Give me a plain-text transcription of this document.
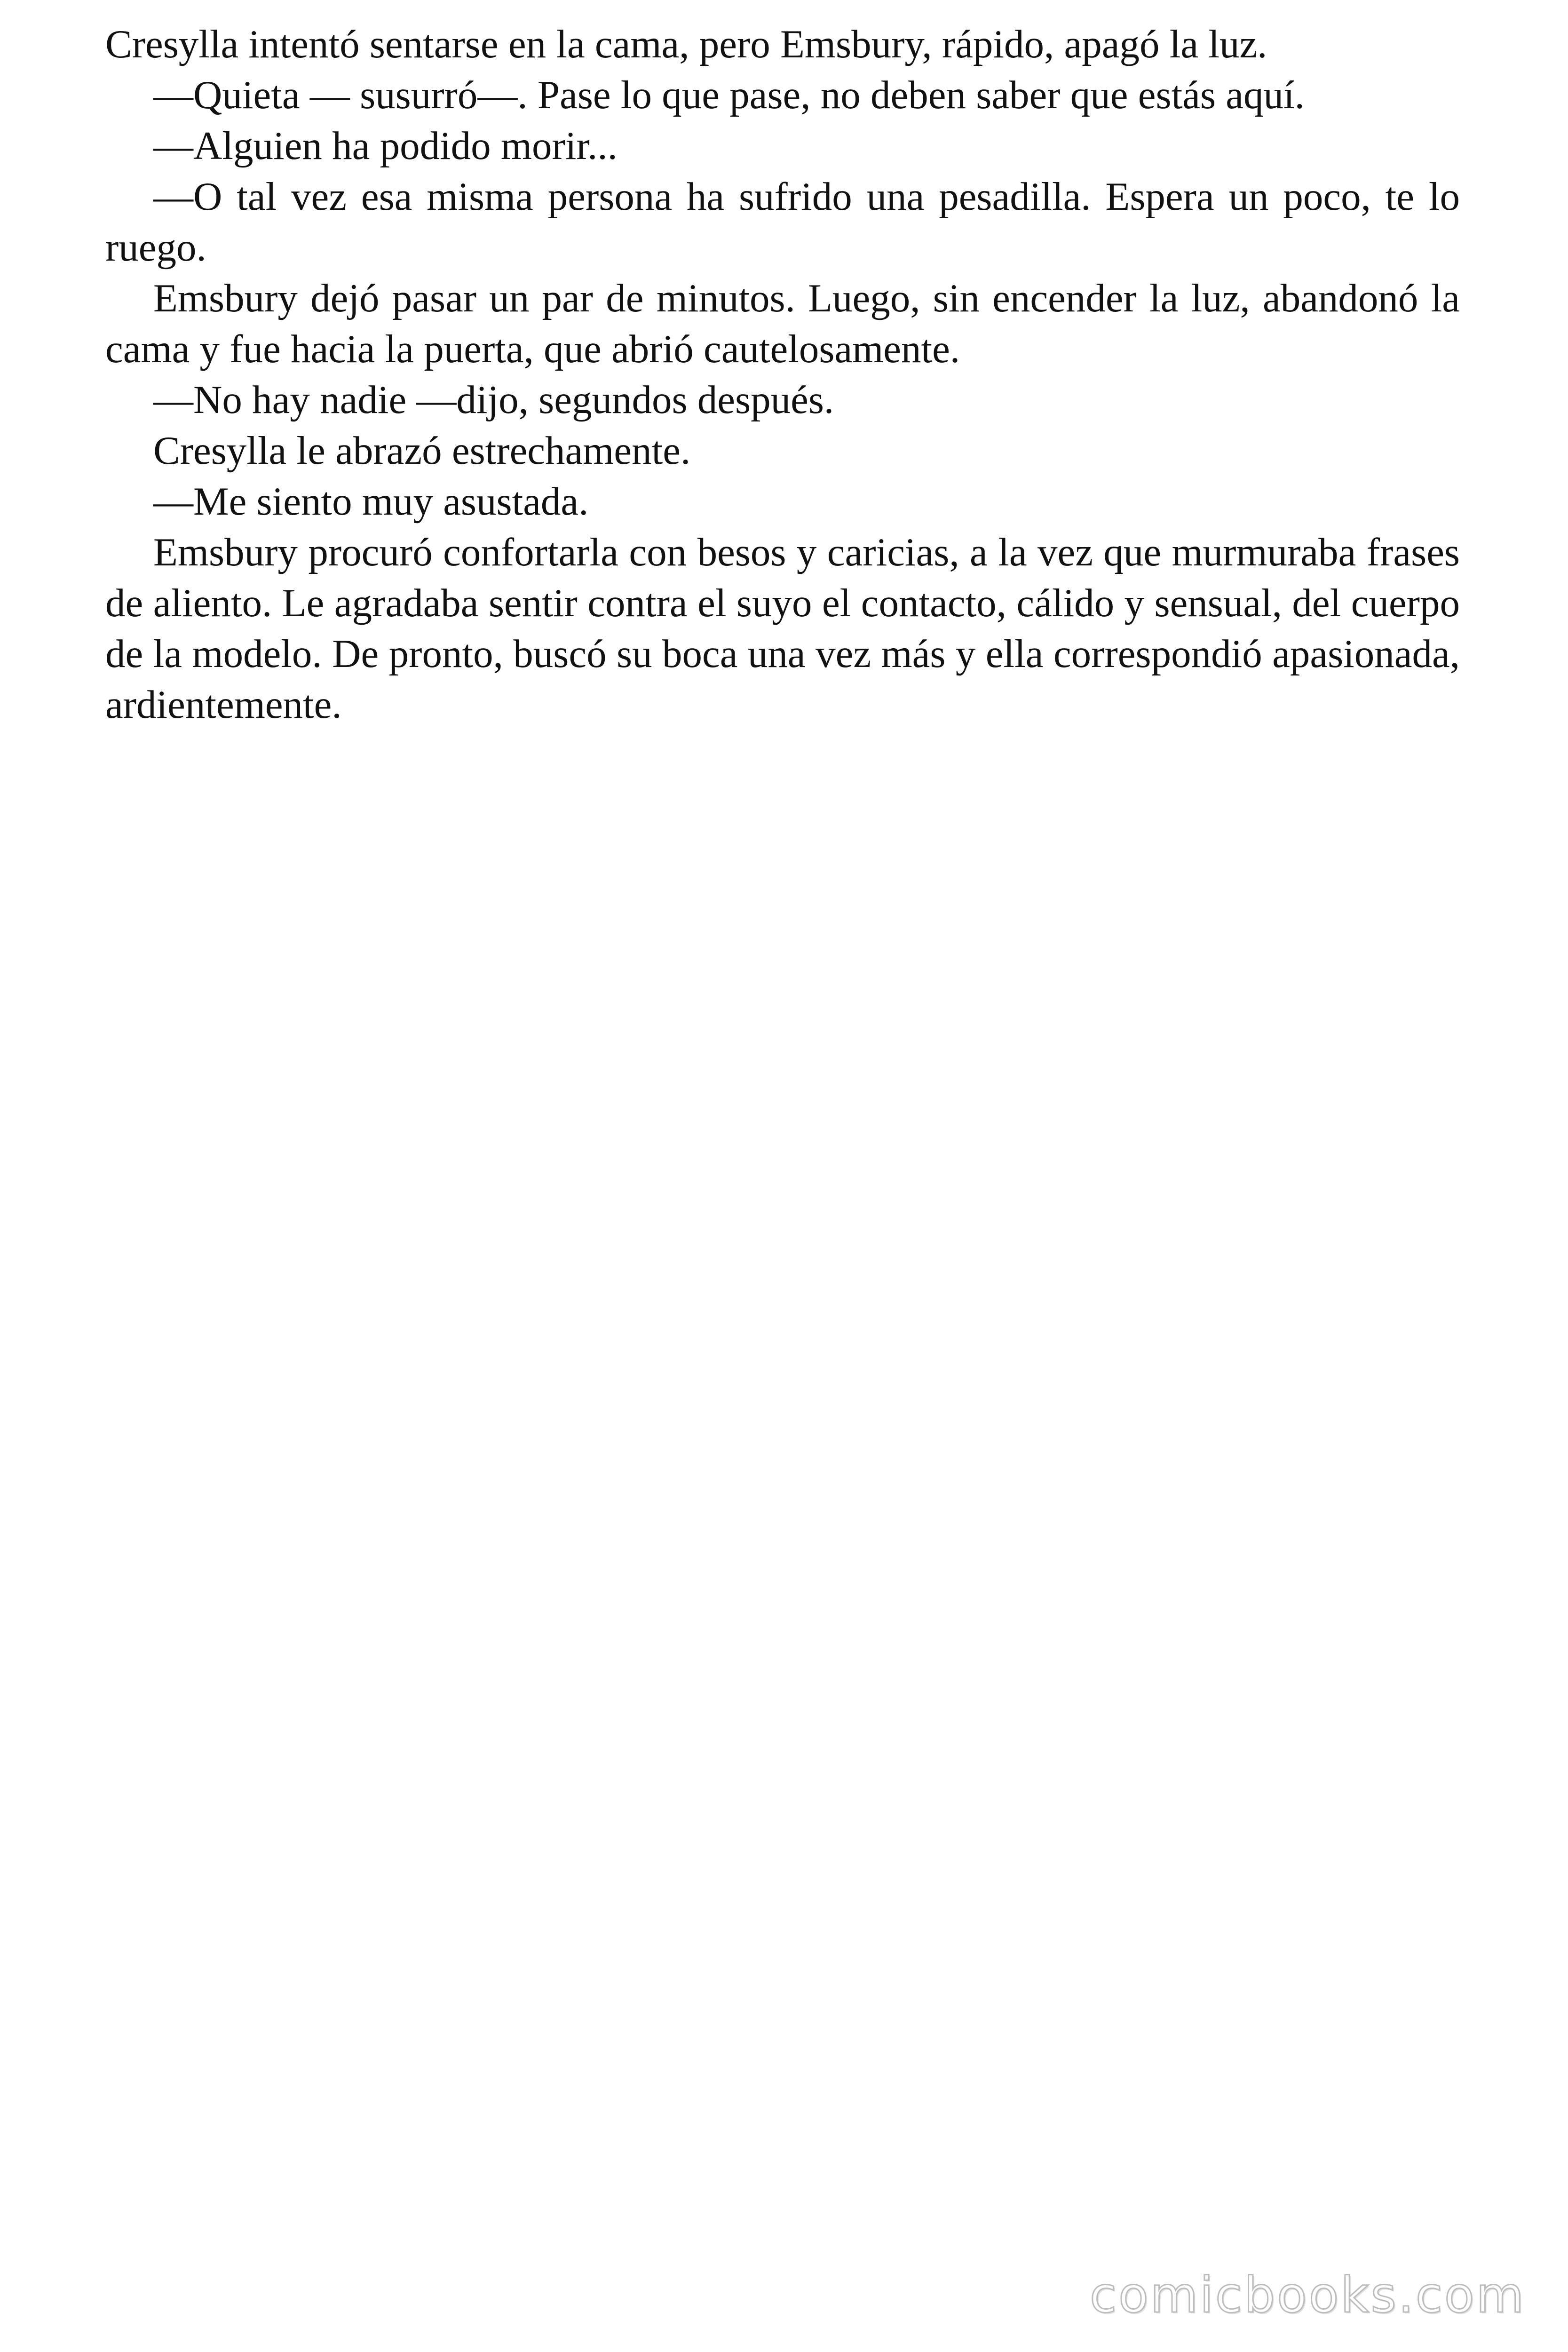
Cresylla intentó sentarse en la cama, pero Emsbury, rápido, apagó la luz.

—Quieta — susurró—. Pase lo que pase, no deben saber que estás aquí.

—Alguien ha podido morir...

—O tal vez esa misma persona ha sufrido una pesadilla. Espera un poco, te lo ruego.

Emsbury dejó pasar un par de minutos. Luego, sin encender la luz, abandonó la cama y fue hacia la puerta, que abrió cautelosamente.

—No hay nadie —dijo, segundos después.

Cresylla le abrazó estrechamente.

—Me siento muy asustada.

Emsbury procuró confortarla con besos y caricias, a la vez que murmuraba frases de aliento. Le agradaba sentir contra el suyo el contacto, cálido y sensual, del cuerpo de la modelo. De pronto, buscó su boca una vez más y ella correspondió apasionada, ardientemente.

comicbooks.com
